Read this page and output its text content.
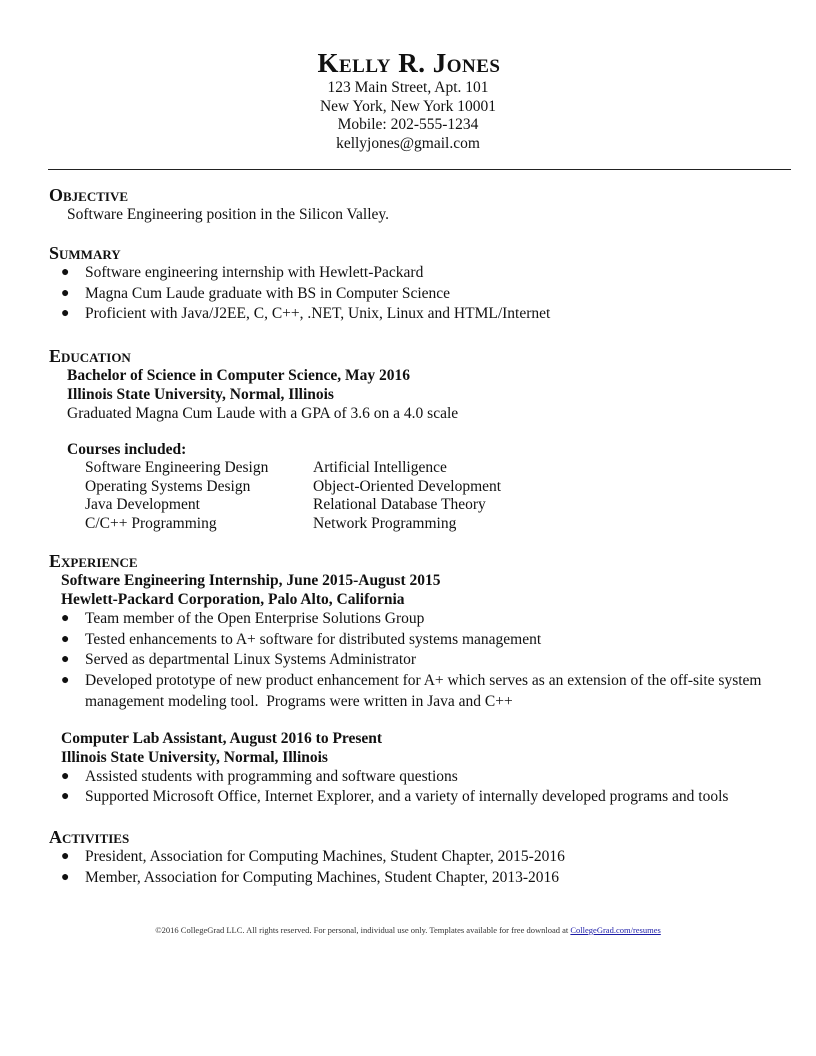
Kelly R. Jones
123 Main Street, Apt. 101
New York, New York 10001
Mobile: 202-555-1234
kellyjones@gmail.com
Objective
Software Engineering position in the Silicon Valley.
Summary
● Software engineering internship with Hewlett-Packard
● Magna Cum Laude graduate with BS in Computer Science
● Proficient with Java/J2EE, C, C++, .NET, Unix, Linux and HTML/Internet
Education
Bachelor of Science in Computer Science, May 2016
Illinois State University, Normal, Illinois
Graduated Magna Cum Laude with a GPA of 3.6 on a 4.0 scale
Courses included:
Software Engineering Design	Artificial Intelligence
Operating Systems Design	Object-Oriented Development
Java Development	Relational Database Theory
C/C++ Programming	Network Programming
Experience
Software Engineering Internship, June 2015-August 2015
Hewlett-Packard Corporation, Palo Alto, California
● Team member of the Open Enterprise Solutions Group
● Tested enhancements to A+ software for distributed systems management
● Served as departmental Linux Systems Administrator
● Developed prototype of new product enhancement for A+ which serves as an extension of the off-site system management modeling tool.  Programs were written in Java and C++
Computer Lab Assistant, August 2016 to Present
Illinois State University, Normal, Illinois
● Assisted students with programming and software questions
● Supported Microsoft Office, Internet Explorer, and a variety of internally developed programs and tools
Activities
● President, Association for Computing Machines, Student Chapter, 2015-2016
● Member, Association for Computing Machines, Student Chapter, 2013-2016
©2016 CollegeGrad LLC. All rights reserved. For personal, individual use only. Templates available for free download at CollegeGrad.com/resumes
